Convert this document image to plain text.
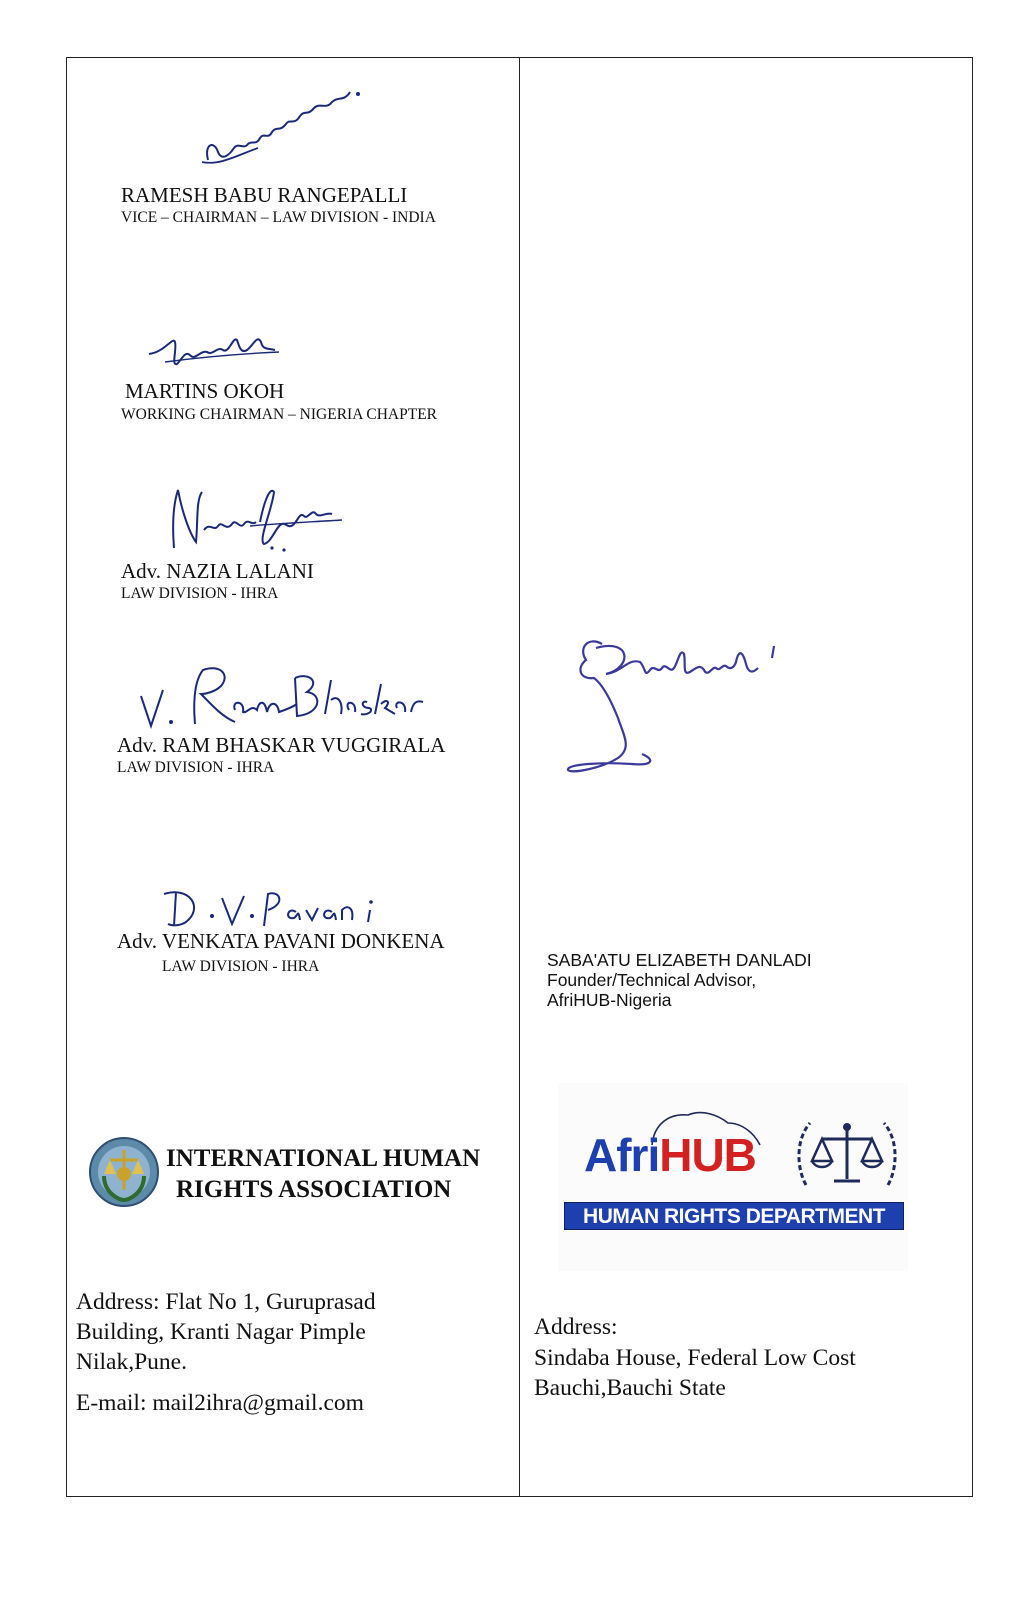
RAMESH BABU RANGEPALLI
VICE – CHAIRMAN – LAW DIVISION - INDIA
MARTINS OKOH
WORKING CHAIRMAN – NIGERIA CHAPTER
Adv. NAZIA LALANI
LAW DIVISION - IHRA
Adv. RAM BHASKAR VUGGIRALA
LAW DIVISION - IHRA
Adv. VENKATA PAVANI DONKENA
LAW DIVISION - IHRA
INTERNATIONAL HUMAN
RIGHTS ASSOCIATION
Address: Flat No 1, Guruprasad
Building, Kranti Nagar Pimple
Nilak,Pune.
E-mail: mail2ihra@gmail.com
SABA'ATU ELIZABETH DANLADI
Founder/Technical Advisor,
AfriHUB-Nigeria
AfriHUB
HUMAN RIGHTS DEPARTMENT
Address:
Sindaba House, Federal Low Cost
Bauchi,Bauchi State
